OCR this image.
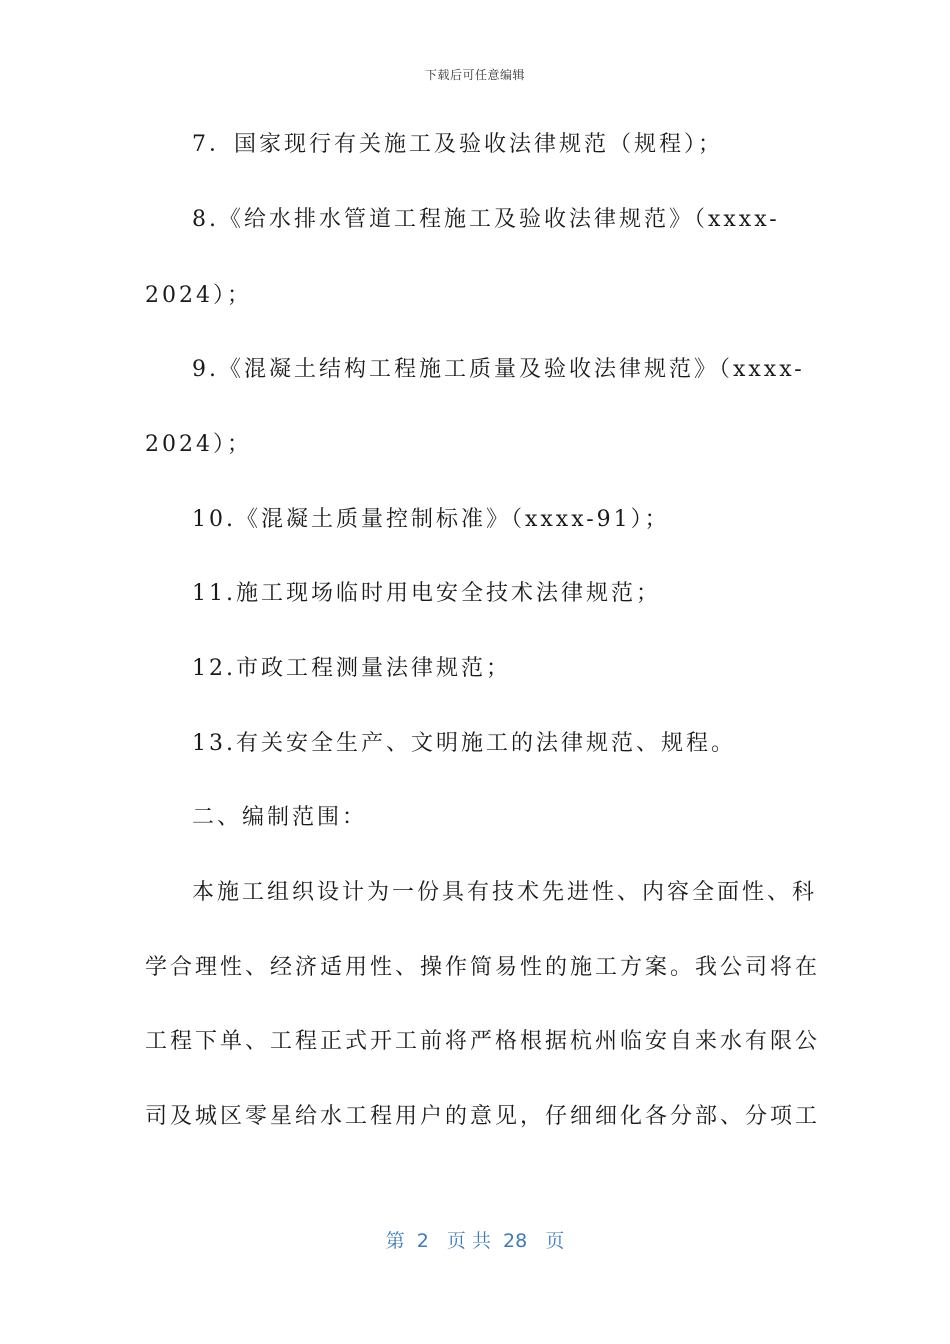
下载后可任意编辑
7．国家现行有关施工及验收法律规范（规程）；
8.《给水排水管道工程施工及验收法律规范》（xxxx-
2024）；
9.《混凝土结构工程施工质量及验收法律规范》（xxxx-
2024）；
10.《混凝土质量控制标准》（xxxx-91）；
11.施工现场临时用电安全技术法律规范；
12.市政工程测量法律规范；
13.有关安全生产、文明施工的法律规范、规程。
二、编制范围：
本施工组织设计为一份具有技术先进性、内容全面性、科
学合理性、经济适用性、操作简易性的施工方案。我公司将在
工程下单、工程正式开工前将严格根据杭州临安自来水有限公
司及城区零星给水工程用户的意见，仔细细化各分部、分项工
第  2   页 共  28   页
